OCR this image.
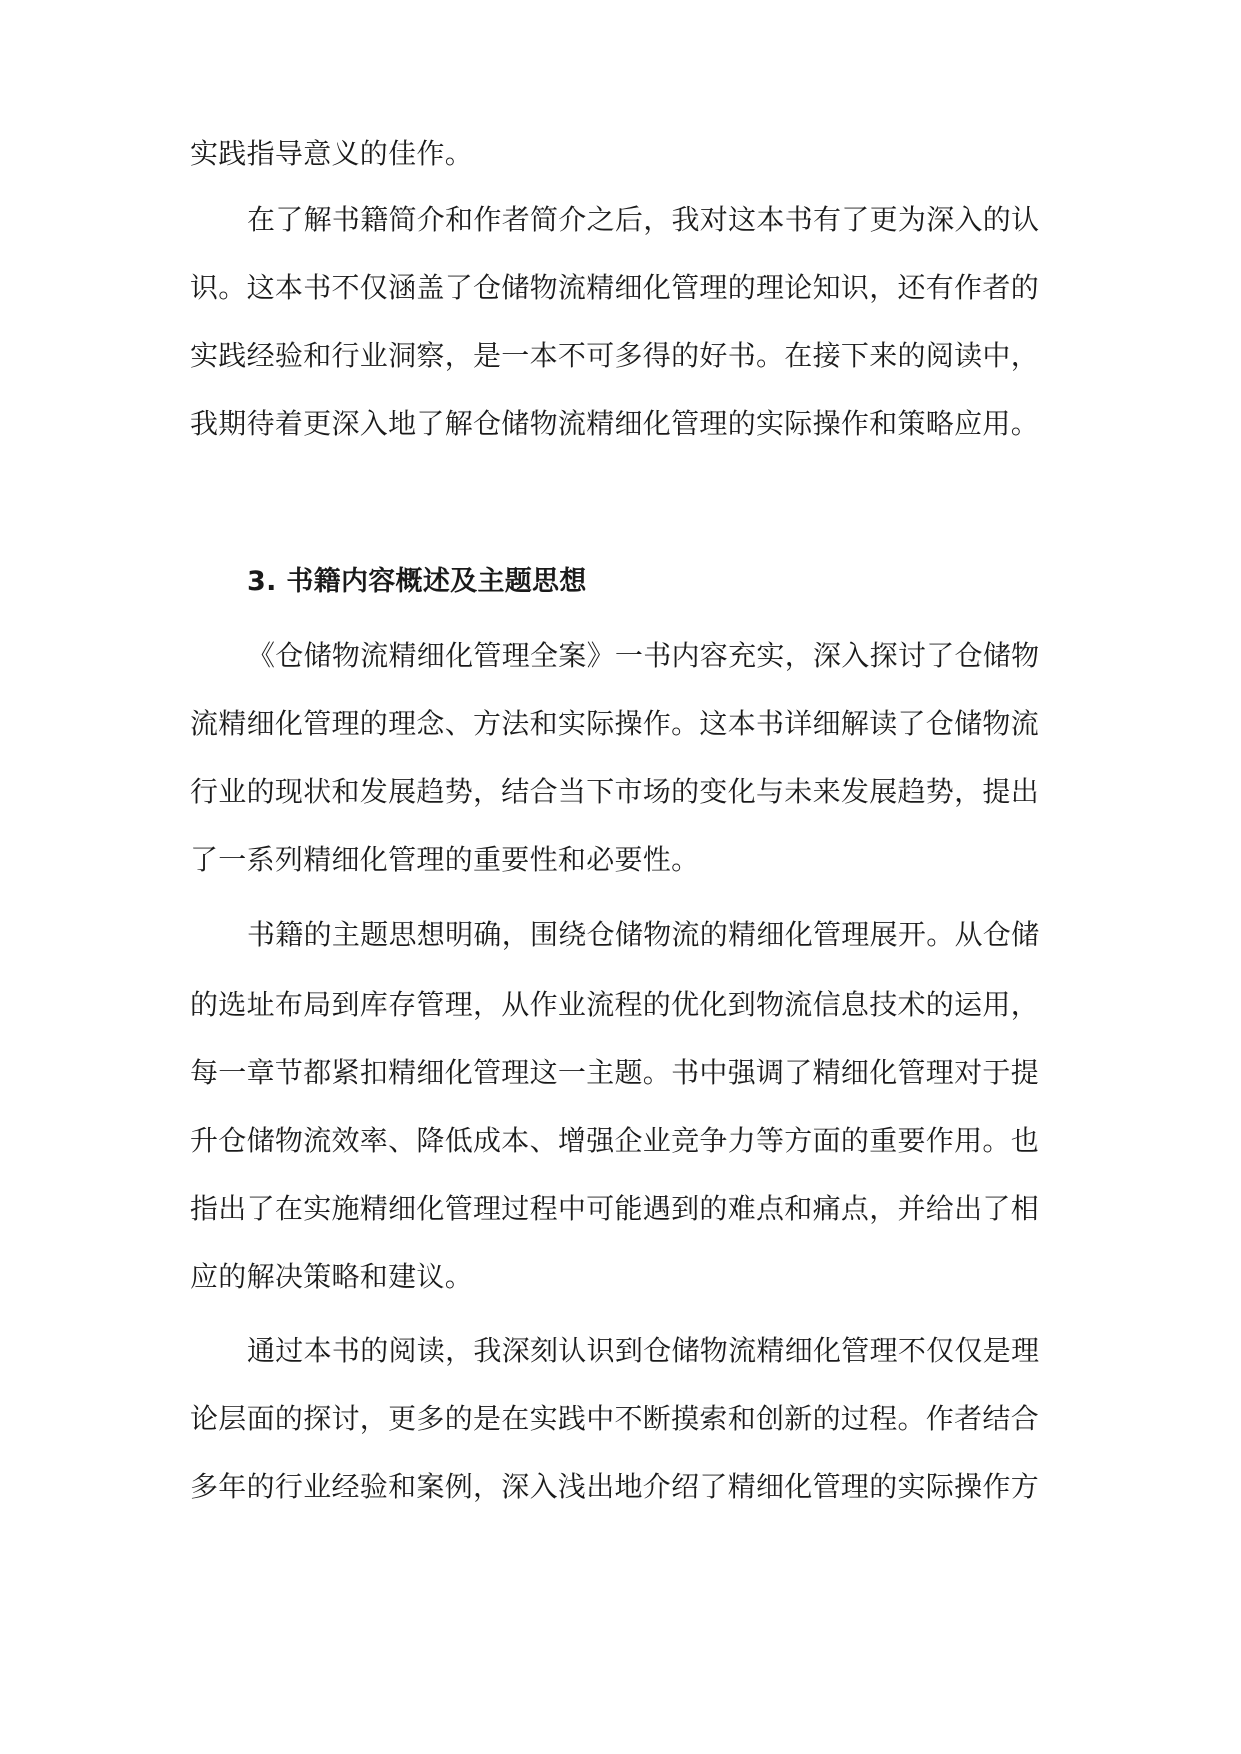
实践指导意义的佳作。
在了解书籍简介和作者简介之后，我对这本书有了更为深入的认
识。这本书不仅涵盖了仓储物流精细化管理的理论知识，还有作者的
实践经验和行业洞察，是一本不可多得的好书。在接下来的阅读中，
我期待着更深入地了解仓储物流精细化管理的实际操作和策略应用。
3. 书籍内容概述及主题思想
《仓储物流精细化管理全案》一书内容充实，深入探讨了仓储物
流精细化管理的理念、方法和实际操作。这本书详细解读了仓储物流
行业的现状和发展趋势，结合当下市场的变化与未来发展趋势，提出
了一系列精细化管理的重要性和必要性。
书籍的主题思想明确，围绕仓储物流的精细化管理展开。从仓储
的选址布局到库存管理，从作业流程的优化到物流信息技术的运用，
每一章节都紧扣精细化管理这一主题。书中强调了精细化管理对于提
升仓储物流效率、降低成本、增强企业竞争力等方面的重要作用。也
指出了在实施精细化管理过程中可能遇到的难点和痛点，并给出了相
应的解决策略和建议。
通过本书的阅读，我深刻认识到仓储物流精细化管理不仅仅是理
论层面的探讨，更多的是在实践中不断摸索和创新的过程。作者结合
多年的行业经验和案例，深入浅出地介绍了精细化管理的实际操作方
